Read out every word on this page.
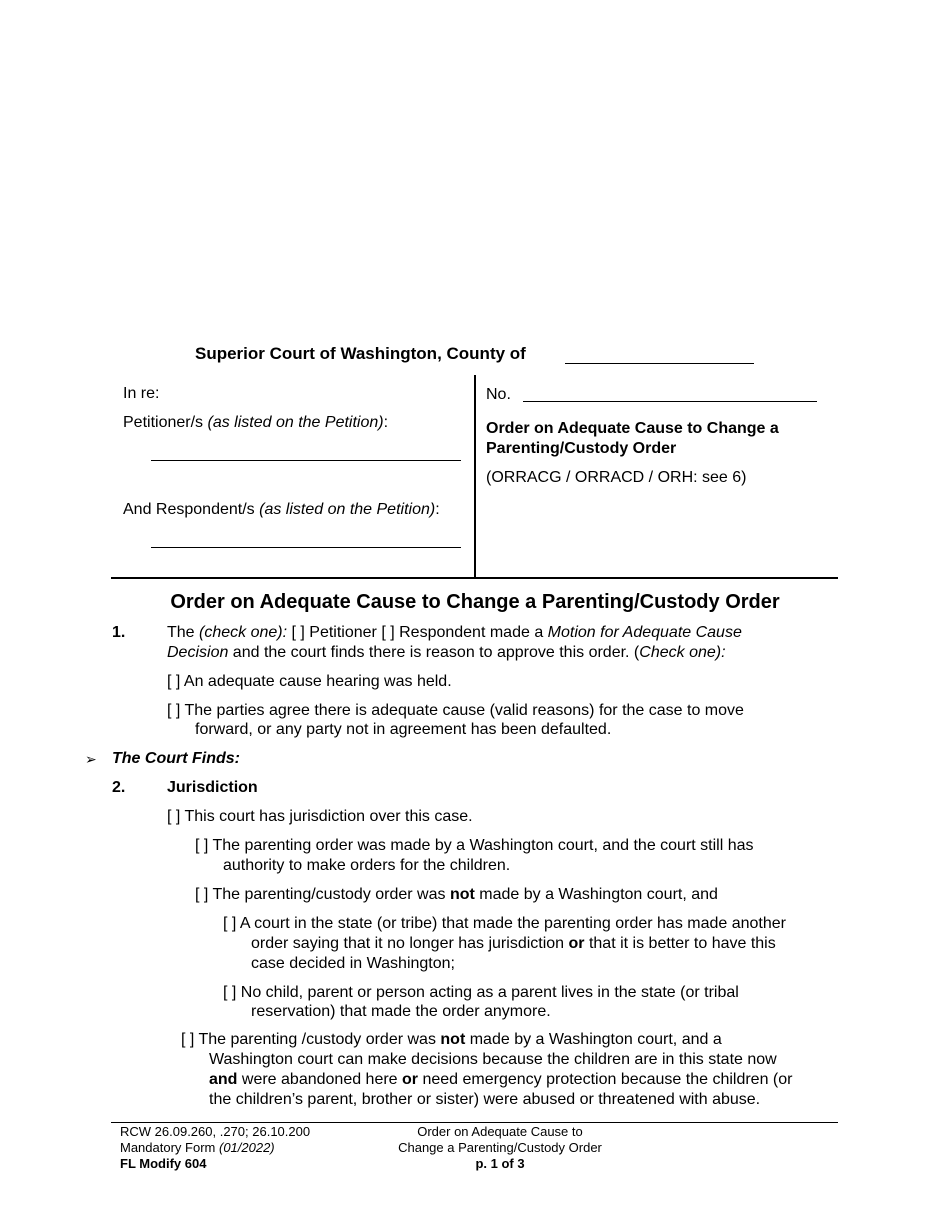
Superior Court of Washington, County of
In re:
Petitioner/s (as listed on the Petition):
And Respondent/s (as listed on the Petition):
No.
Order on Adequate Cause to Change a
Parenting/Custody Order
(ORRACG / ORRACD / ORH: see 6)
Order on Adequate Cause to Change a Parenting/Custody Order
1.	The (check one): [ ] Petitioner [ ] Respondent made a Motion for Adequate Cause
Decision and the court finds there is reason to approve this order. (Check one):
[ ] An adequate cause hearing was held.
[ ] The parties agree there is adequate cause (valid reasons) for the case to move
forward, or any party not in agreement has been defaulted.
➢ The Court Finds:
2.	Jurisdiction
[ ] This court has jurisdiction over this case.
[ ] The parenting order was made by a Washington court, and the court still has
authority to make orders for the children.
[ ] The parenting/custody order was not made by a Washington court, and
[ ] A court in the state (or tribe) that made the parenting order has made another
order saying that it no longer has jurisdiction or that it is better to have this
case decided in Washington;
[ ] No child, parent or person acting as a parent lives in the state (or tribal
reservation) that made the order anymore.
[ ] The parenting /custody order was not made by a Washington court, and a
Washington court can make decisions because the children are in this state now
and were abandoned here or need emergency protection because the children (or
the children’s parent, brother or sister) were abused or threatened with abuse.
RCW 26.09.260, .270; 26.10.200
Mandatory Form (01/2022)
FL Modify 604
Order on Adequate Cause to
Change a Parenting/Custody Order
p. 1 of 3
